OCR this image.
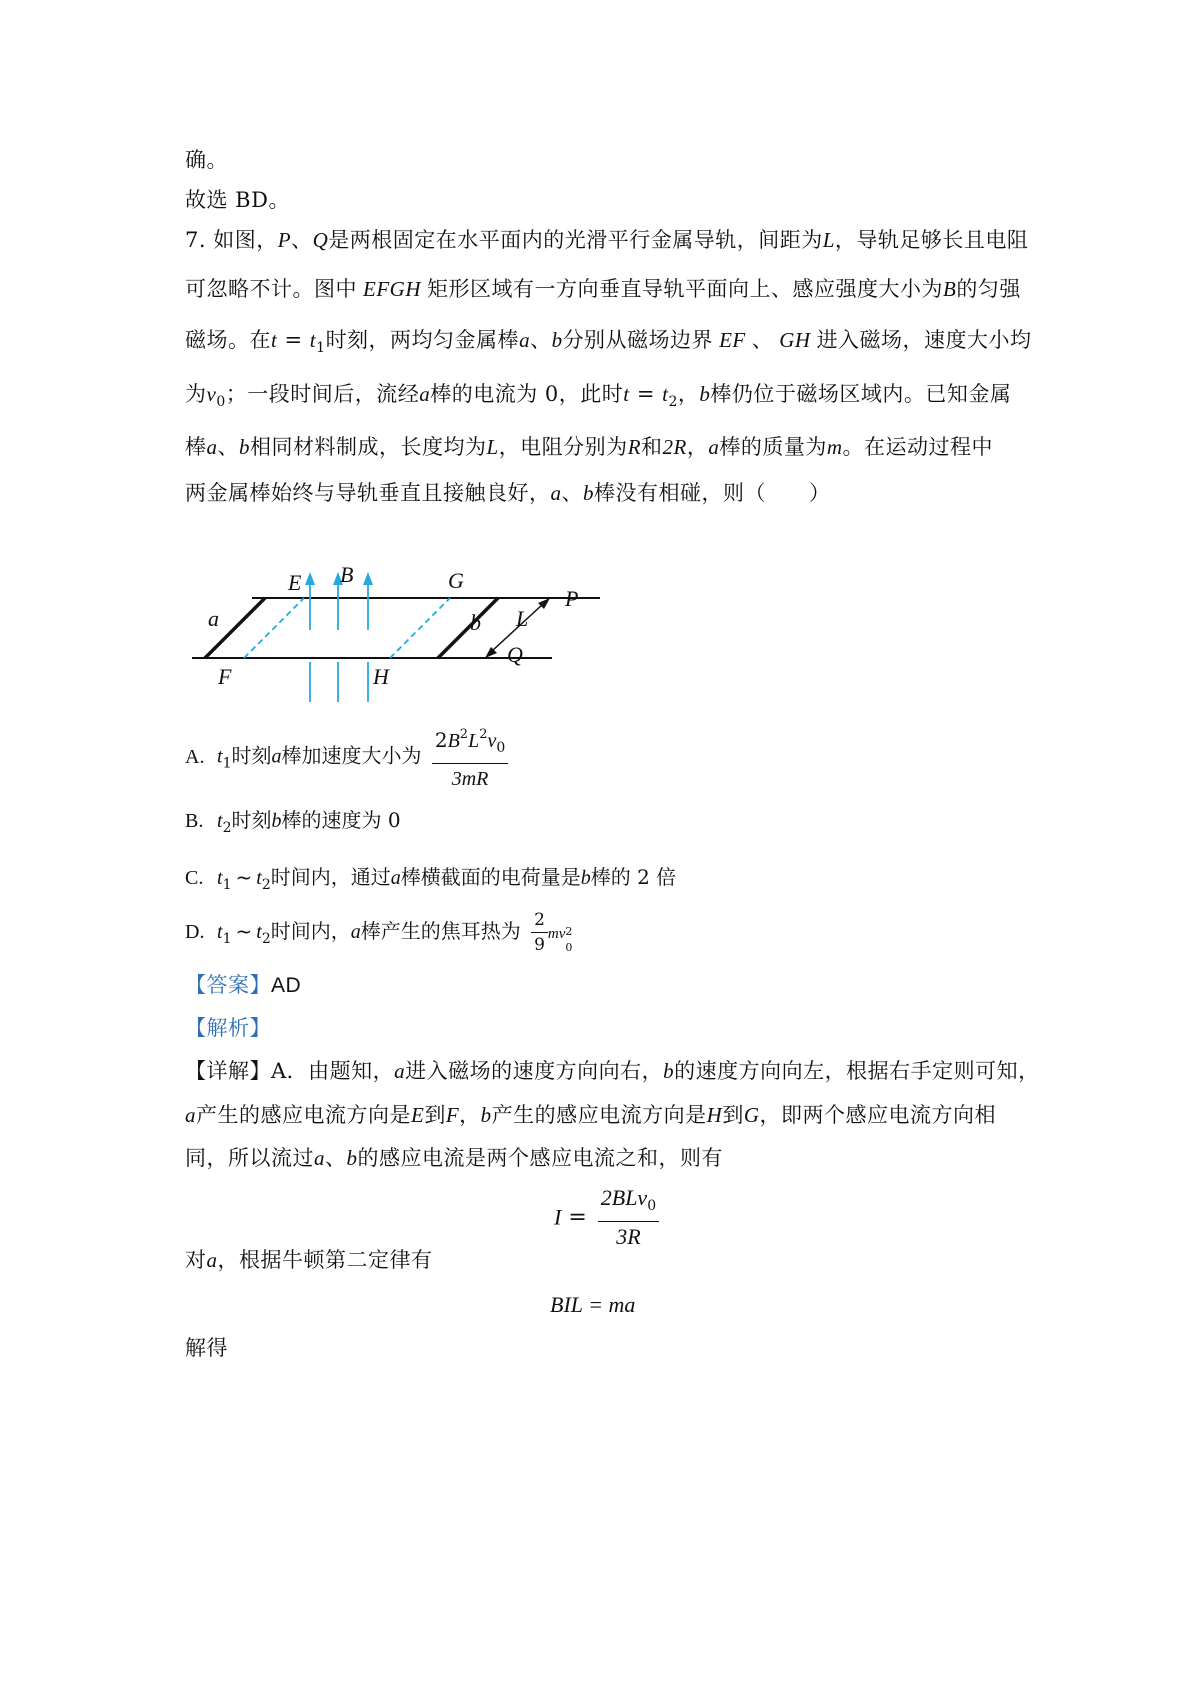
确。
故选 BD。
7. 如图，P、Q是两根固定在水平面内的光滑平行金属导轨，间距为L，导轨足够长且电阻
可忽略不计。图中 EFGH 矩形区域有一方向垂直导轨平面向上、感应强度大小为B的匀强
磁场。在$t = t_1$时刻，两均匀金属棒a、b分别从磁场边界 EF 、 GH 进入磁场，速度大小均
为$v_0$；一段时间后，流经a棒的电流为 0，此时$t = t_2$，b棒仍位于磁场区域内。已知金属
棒a、b相同材料制成，长度均为L，电阻分别为R和2R，a棒的质量为m。在运动过程中
两金属棒始终与导轨垂直且接触良好，a、b棒没有相碰，则（　　）
E B	G
P
a	b L
Q
F	H
A. $t_1$时刻a棒加速度大小为 $\frac{2B^2L^2v_0}{3mR}$
B. $t_2$时刻b棒的速度为 0
C. $t_1$ ~ $t_2$时间内，通过a棒横截面的电荷量是b棒的 2 倍
D. $t_1$ ~ $t_2$时间内，a棒产生的焦耳热为 $\frac{2}{9}$ mv 2
0
【答案】AD
【解析】
【详解】A．由题知，a进入磁场的速度方向向右，b的速度方向向左，根据右手定则可知，
a产生的感应电流方向是E到F，b产生的感应电流方向是H到G，即两个感应电流方向相
同，所以流过a、b的感应电流是两个感应电流之和，则有
$I = \frac{2BLv_0}{3R}$
对a，根据牛顿第二定律有
BIL = ma
解得
